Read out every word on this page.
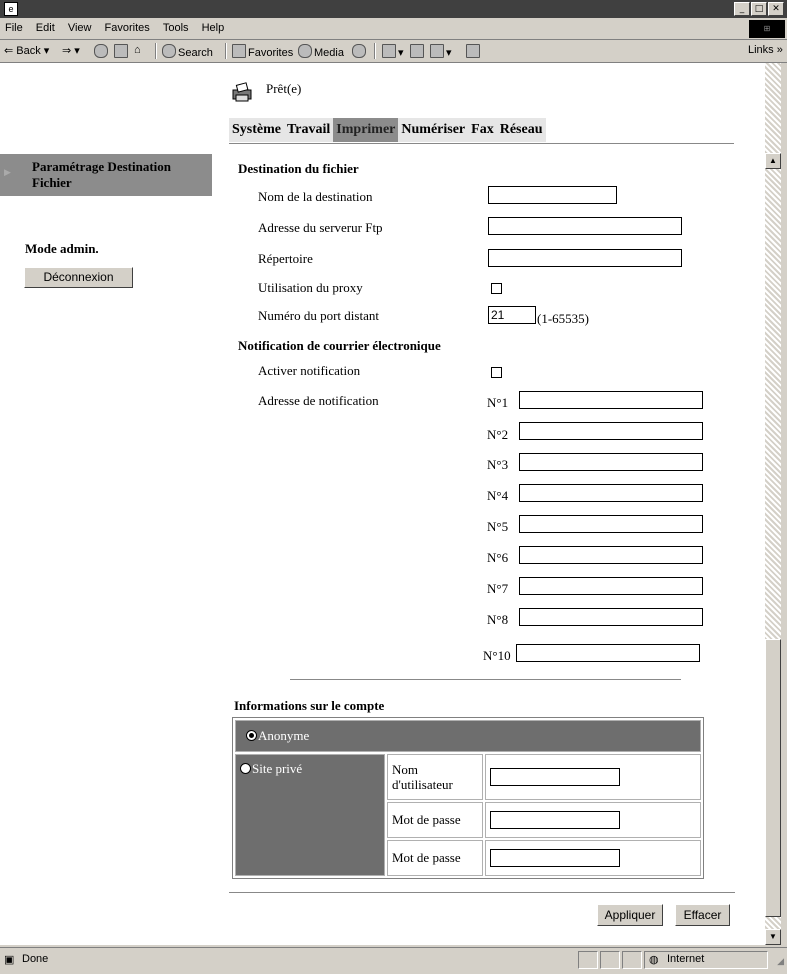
e	_	□ ✕
File Edit View Favorites Tools Help	⊞
⇐ Back ▾ ⇒ ▾	⌂	Search	Favorites	Media	▾	▾	Links »
Prêt(e)
Système Travail Imprimer Numériser Fax Réseau
▶ Paramétrage Destination Fichier
Mode admin.
Déconnexion
Destination du fichier
Nom de la destination
Adresse du serverur Ftp
Répertoire
Utilisation du proxy
Numéro du port distant
21	(1-65535)
Notification de courrier électronique
Activer notification
Adresse de notification	N°1
N°2
N°3
N°4
N°5
N°6
N°7
N°8
N°10
Informations sur le compte
Anonyme		
Site privé	Nom d'utilisateur	
	Mot de passe	
	Mot de passe	
Appliquer	Effacer
▲
▼
▣ Done	◍ Internet	◢
